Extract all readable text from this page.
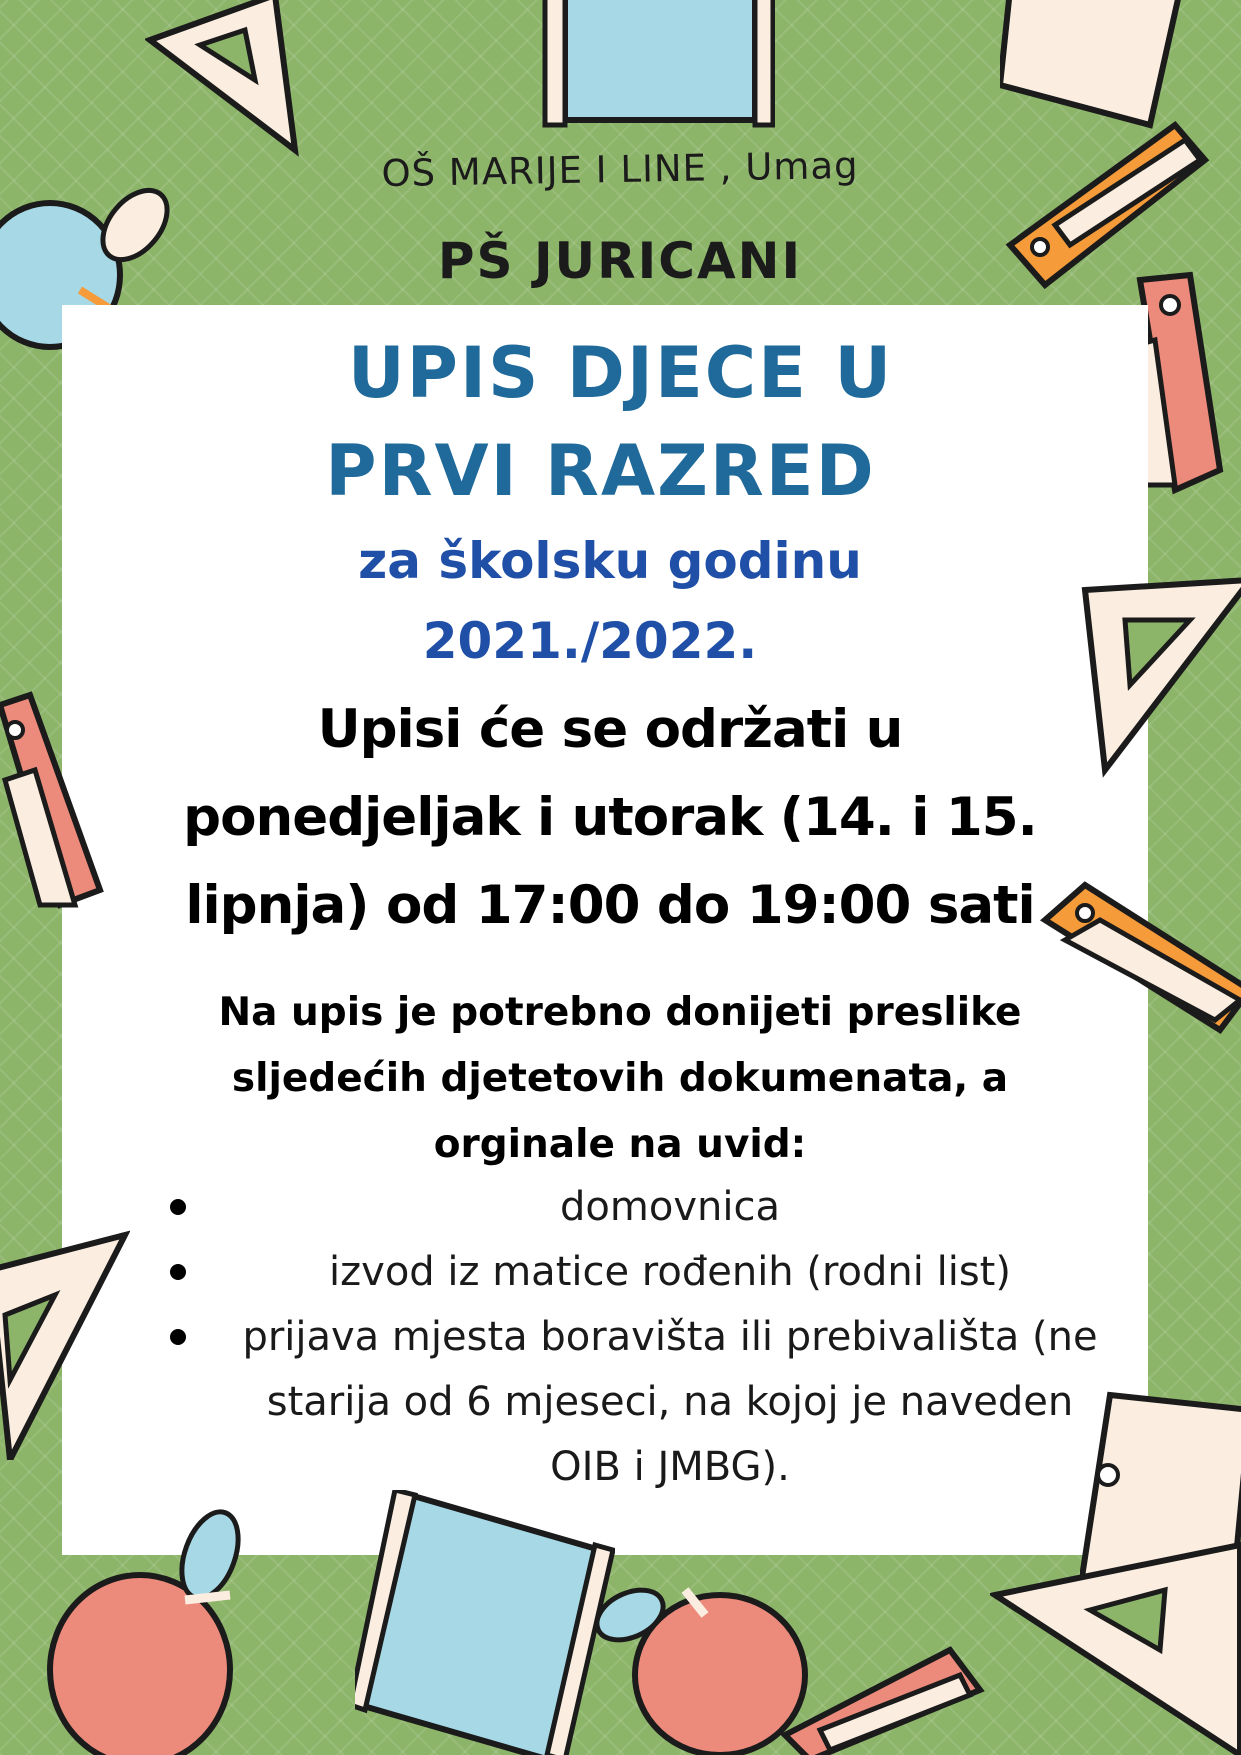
OŠ MARIJE I LINE , Umag
PŠ JURICANI
UPIS DJECE U
PRVI RAZRED
za školsku godinu
2021./2022.
Upisi će se održati u
ponedjeljak i utorak (14. i 15.
lipnja) od 17:00 do 19:00 sati
Na upis je potrebno donijeti preslike
sljedećih djetetovih dokumenata, a
orginale na uvid:
domovnica
izvod iz matice rođenih (rodni list)
prijava mjesta boravišta ili prebivališta (ne
starija od 6 mjeseci, na kojoj je naveden
OIB i JMBG).
